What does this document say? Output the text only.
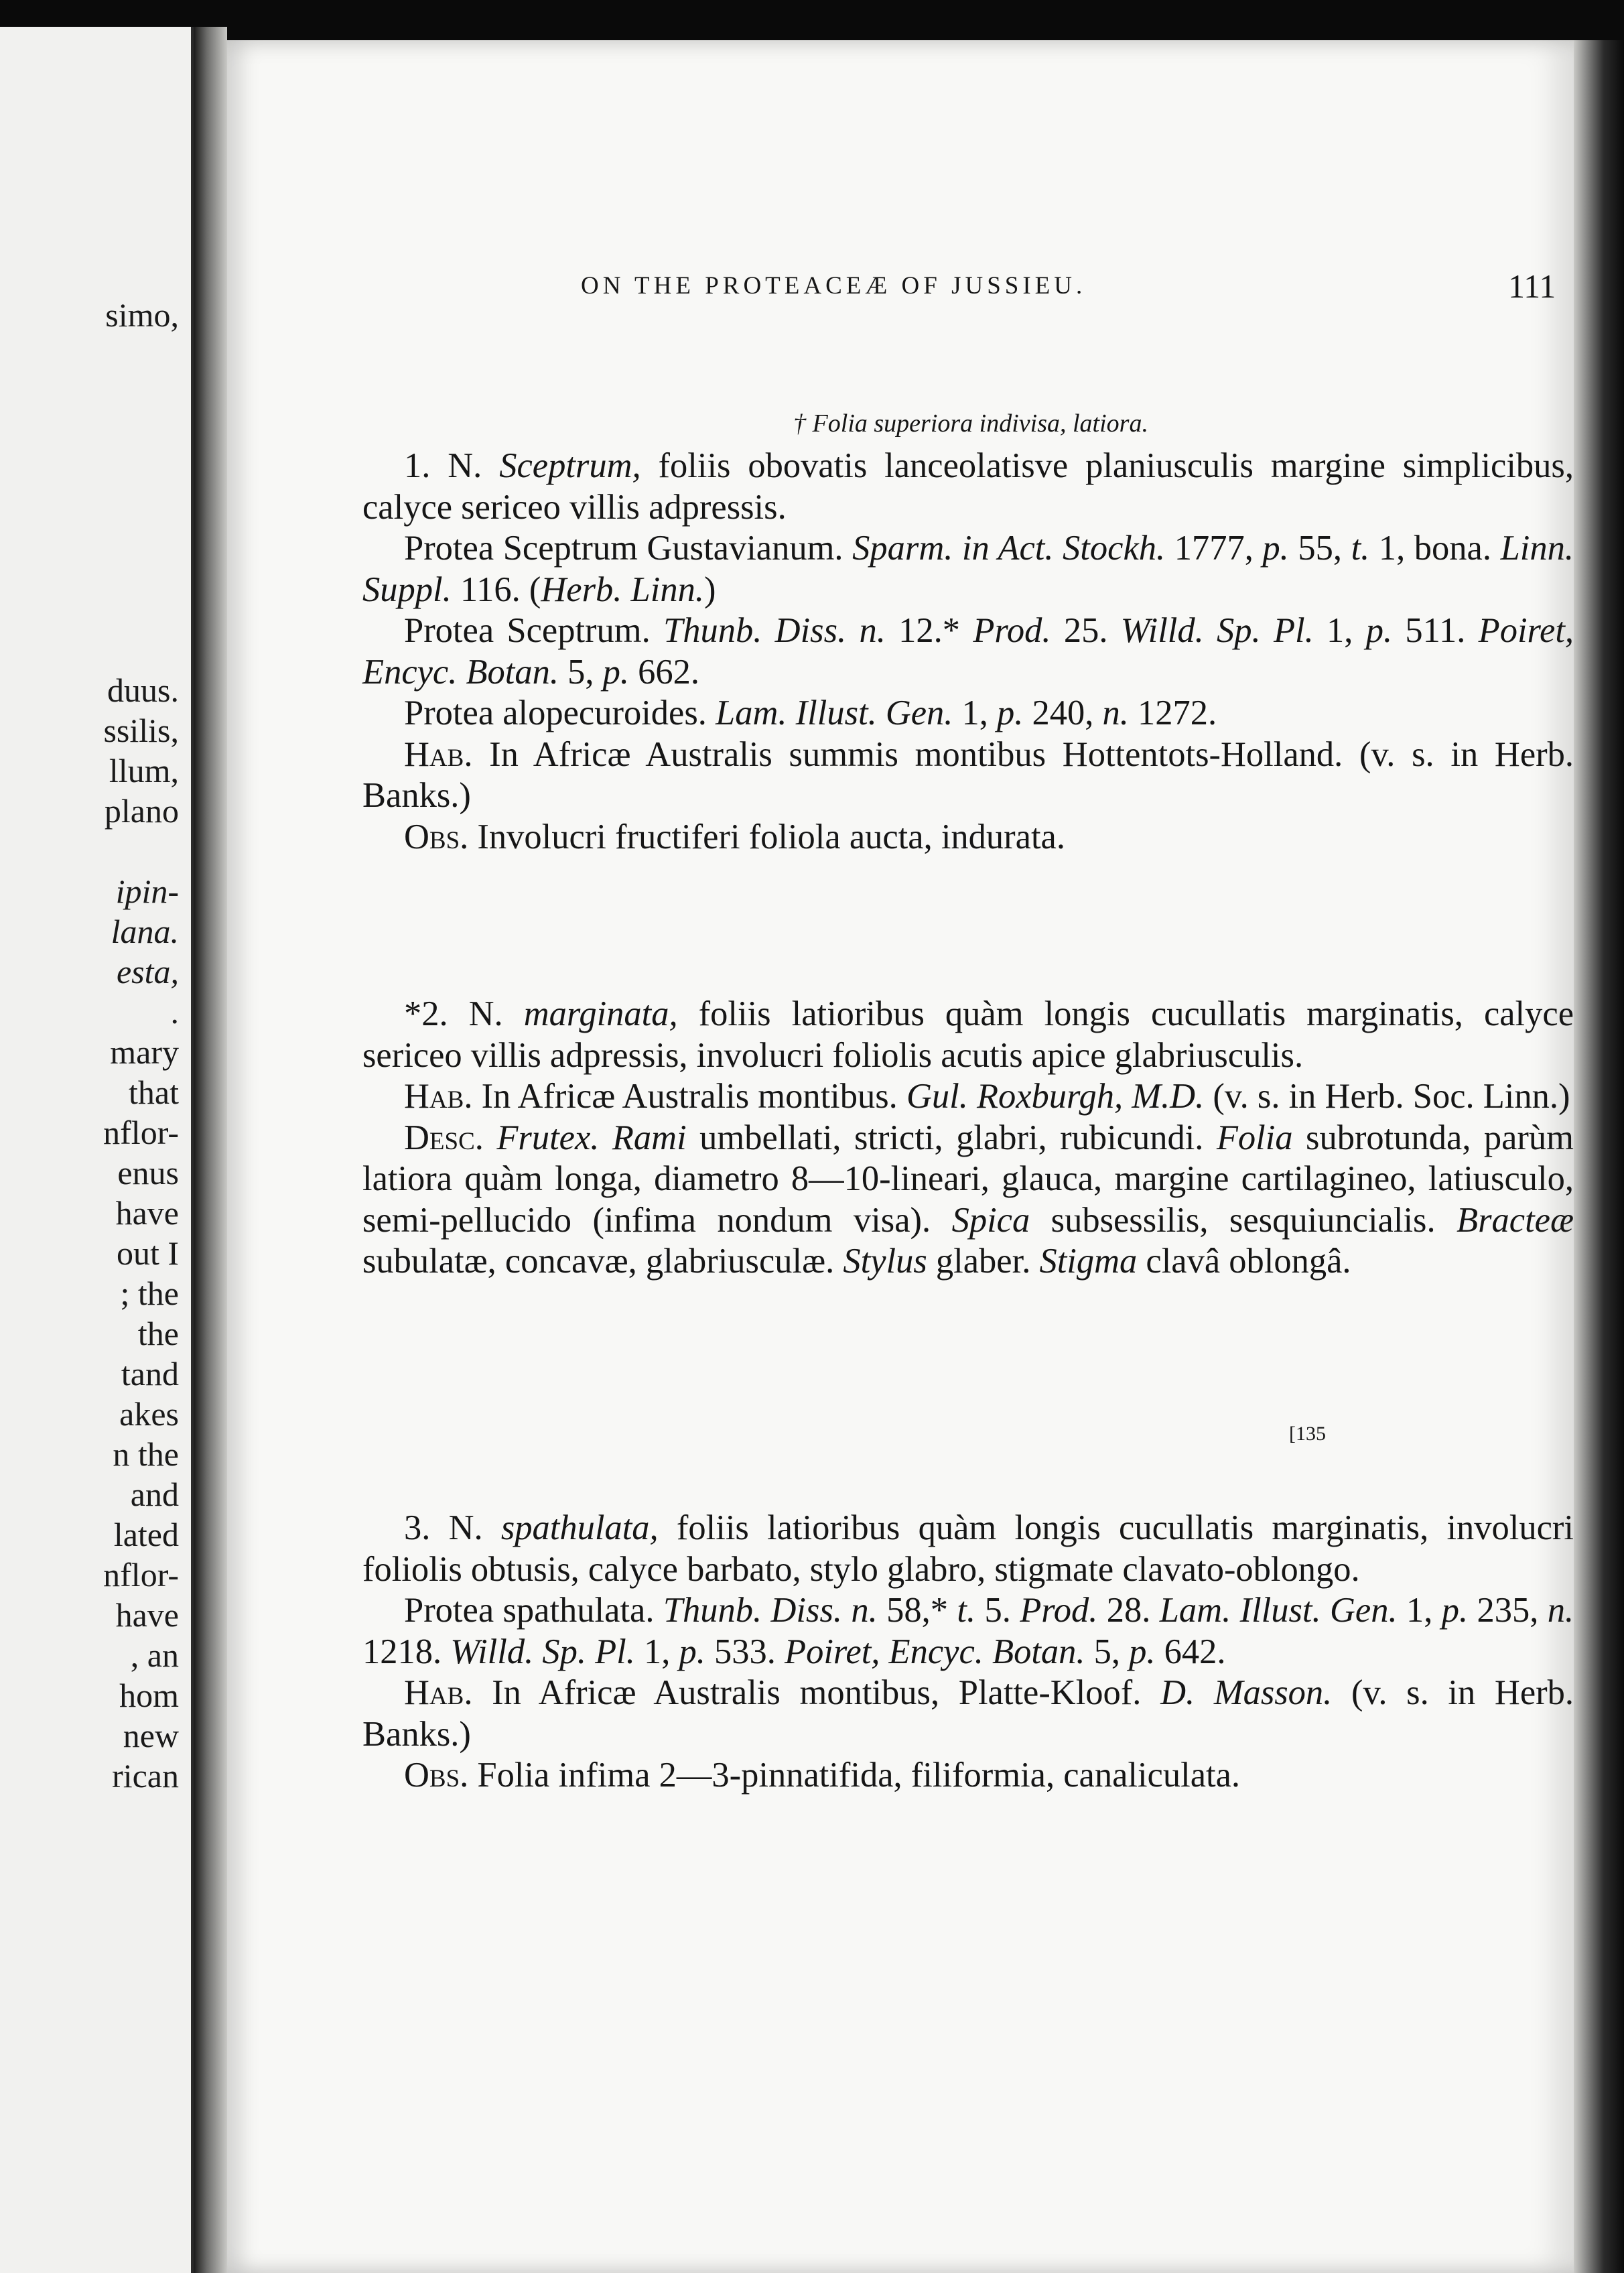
simo,
duus.
ssilis,
llum,
plano
ipin-
lana.
esta,
.
mary
that
nflor-
enus
have
out I
; the
the
tand
akes
n the
and
lated
nflor-
have
, an
hom
new
rican
ON THE PROTEACEÆ OF JUSSIEU.	111
† Folia superiora indivisa, latiora.
[135

1. N. Sceptrum, foliis obovatis lanceolatisve planiusculis margine simplicibus, calyce sericeo villis adpressis.

Protea Sceptrum Gustavianum. Sparm. in Act. Stockh. 1777, p. 55, t. 1, bona. Linn. Suppl. 116. (Herb. Linn.)

Protea Sceptrum. Thunb. Diss. n. 12.* Prod. 25. Willd. Sp. Pl. 1, p. 511. Poiret, Encyc. Botan. 5, p. 662.

Protea alopecuroides. Lam. Illust. Gen. 1, p. 240, n. 1272.

Hab. In Africæ Australis summis montibus Hottentots-Holland. (v. s. in Herb. Banks.)

Obs. Involucri fructiferi foliola aucta, indurata.

*2. N. marginata, foliis latioribus quàm longis cucullatis marginatis, calyce sericeo villis adpressis, involucri foliolis acutis apice glabriusculis.

Hab. In Africæ Australis montibus. Gul. Roxburgh, M.D. (v. s. in Herb. Soc. Linn.)

Desc. Frutex. Rami umbellati, stricti, glabri, rubicundi. Folia subrotunda, parùm latiora quàm longa, diametro 8—10-lineari, glauca, margine cartilagineo, latiusculo, semi-pellucido (infima nondum visa). Spica subsessilis, sesquiuncialis. Bracteæ subulatæ, concavæ, glabriusculæ. Stylus glaber. Stigma clavâ oblongâ.

3. N. spathulata, foliis latioribus quàm longis cucullatis marginatis, involucri foliolis obtusis, calyce barbato, stylo glabro, stigmate clavato-oblongo.

Protea spathulata. Thunb. Diss. n. 58,* t. 5. Prod. 28. Lam. Illust. Gen. 1, p. 235, n. 1218. Willd. Sp. Pl. 1, p. 533. Poiret, Encyc. Botan. 5, p. 642.

Hab. In Africæ Australis montibus, Platte-Kloof. D. Masson. (v. s. in Herb. Banks.)

Obs. Folia infima 2—3-pinnatifida, filiformia, canaliculata.
